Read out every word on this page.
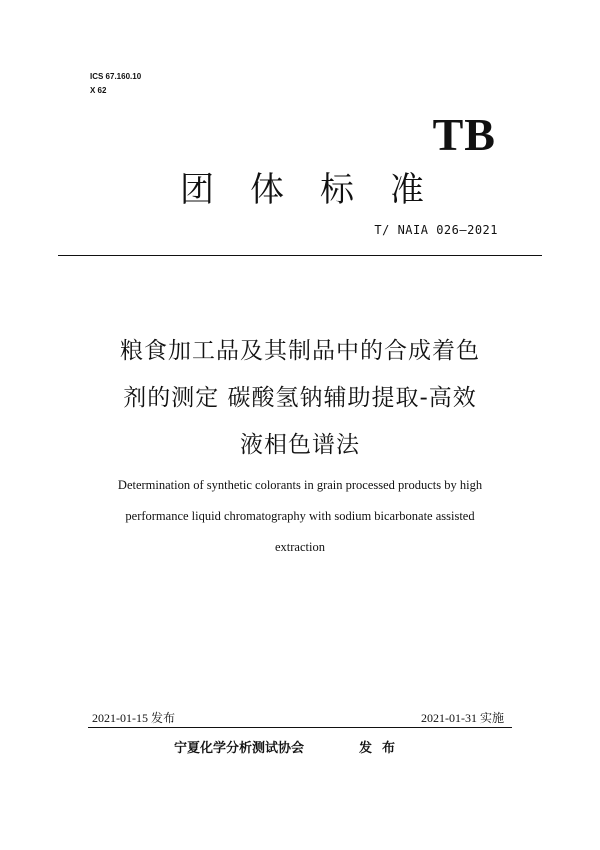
ICS 67.160.10
X 62
TB
团 体 标 准
T/ NAIA 026—2021
粮食加工品及其制品中的合成着色
剂的测定 碳酸氢钠辅助提取-高效
液相色谱法
Determination of synthetic colorants in grain processed products by high
performance liquid chromatography with sodium bicarbonate assisted
extraction
2021-01-15 发布	2021-01-31 实施
宁夏化学分析测试协会	发布
